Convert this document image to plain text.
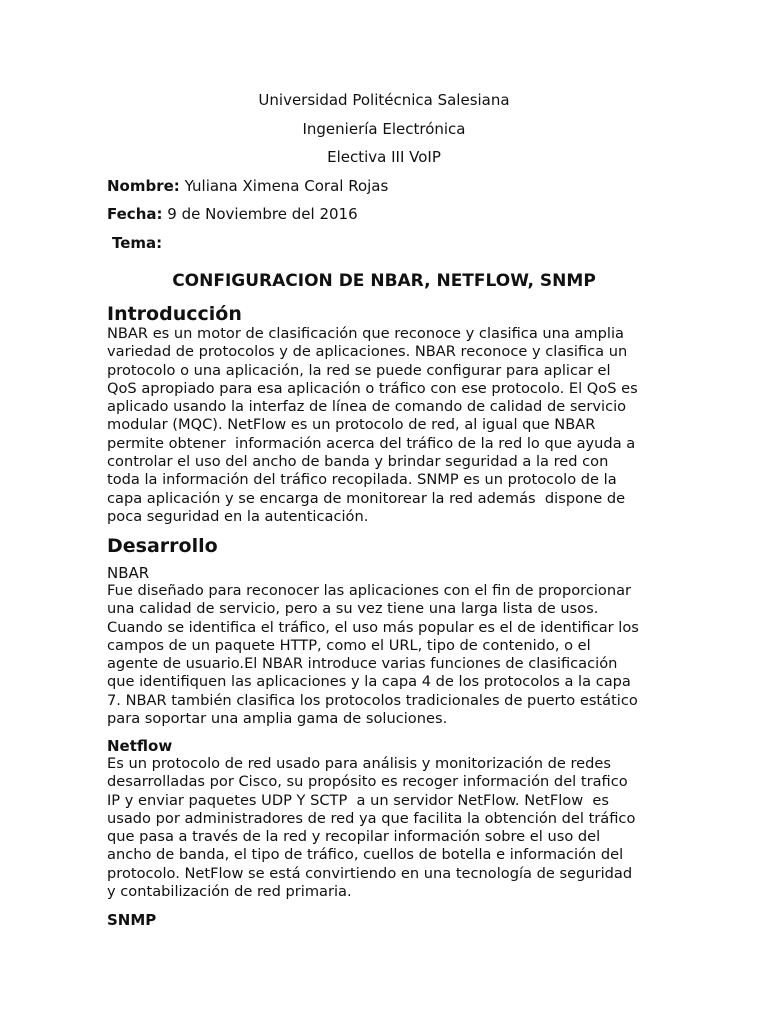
Universidad Politécnica Salesiana
Ingeniería Electrónica
Electiva III VoIP
Nombre: Yuliana Ximena Coral Rojas
Fecha: 9 de Noviembre del 2016
Tema:
CONFIGURACION DE NBAR, NETFLOW, SNMP
Introducción
NBAR es un motor de clasificación que reconoce y clasifica una amplia
variedad de protocolos y de aplicaciones. NBAR reconoce y clasifica un
protocolo o una aplicación, la red se puede configurar para aplicar el
QoS apropiado para esa aplicación o tráfico con ese protocolo. El QoS es
aplicado usando la interfaz de línea de comando de calidad de servicio
modular (MQC). NetFlow es un protocolo de red, al igual que NBAR
permite obtener  información acerca del tráfico de la red lo que ayuda a
controlar el uso del ancho de banda y brindar seguridad a la red con
toda la información del tráfico recopilada. SNMP es un protocolo de la
capa aplicación y se encarga de monitorear la red además  dispone de
poca seguridad en la autenticación.
Desarrollo
NBAR
Fue diseñado para reconocer las aplicaciones con el fin de proporcionar
una calidad de servicio, pero a su vez tiene una larga lista de usos.
Cuando se identifica el tráfico, el uso más popular es el de identificar los
campos de un paquete HTTP, como el URL, tipo de contenido, o el
agente de usuario.El NBAR introduce varias funciones de clasificación
que identifiquen las aplicaciones y la capa 4 de los protocolos a la capa
7. NBAR también clasifica los protocolos tradicionales de puerto estático
para soportar una amplia gama de soluciones.
Netflow
Es un protocolo de red usado para análisis y monitorización de redes
desarrolladas por Cisco, su propósito es recoger información del trafico
IP y enviar paquetes UDP Y SCTP  a un servidor NetFlow. NetFlow  es
usado por administradores de red ya que facilita la obtención del tráfico
que pasa a través de la red y recopilar información sobre el uso del
ancho de banda, el tipo de tráfico, cuellos de botella e información del
protocolo. NetFlow se está convirtiendo en una tecnología de seguridad
y contabilización de red primaria.
SNMP
